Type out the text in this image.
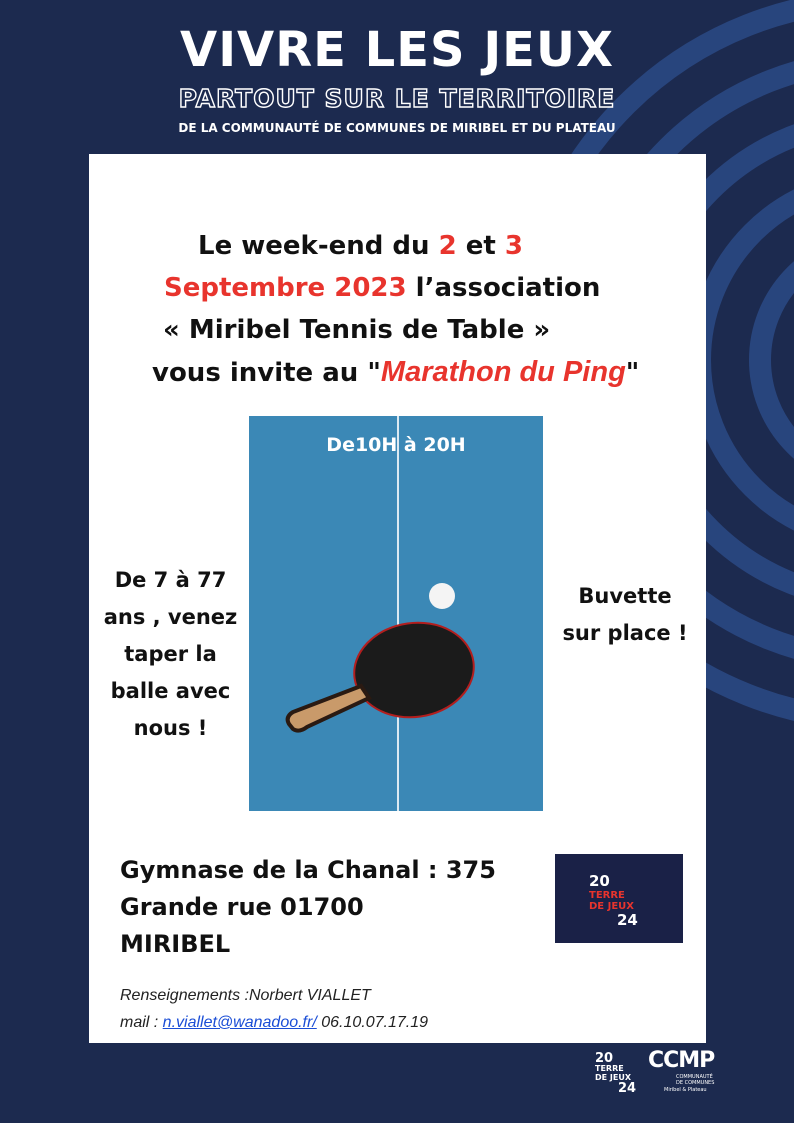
VIVRE LES JEUX
PARTOUT SUR LE TERRITOIRE
DE LA COMMUNAUTÉ DE COMMUNES DE MIRIBEL ET DU PLATEAU
Le week-end du 2 et 3
Septembre 2023 l’association
« Miribel Tennis de Table »
vous invite au "Marathon du Ping"
De10H à 20H
De 7 à 77
ans , venez
taper la
balle avec
nous !
Buvette
sur place !
Gymnase de la Chanal : 375
Grande rue 01700
MIRIBEL
20
TERRE
DE JEUX
24
Renseignements :Norbert VIALLET
mail : n.viallet@wanadoo.fr/ 06.10.07.17.19
20
TERRE
DE JEUX
24
CCMP
COMMUNAUTÉ
DE COMMUNES
Miribel & Plateau
